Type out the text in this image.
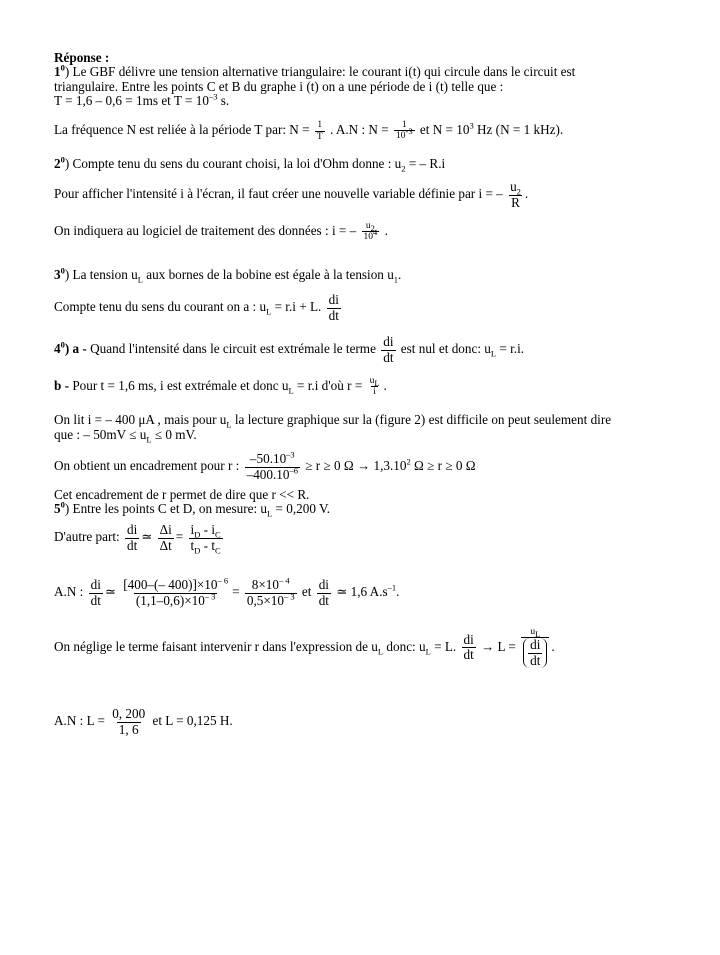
Réponse :
$1^0$) Le GBF délivre une tension alternative triangulaire: le courant i(t) qui circule dans le circuit est
triangulaire. Entre les points C et B du graphe i (t) on a une période de i (t) telle que :
T = 1,6 – 0,6 = 1ms et $T = 10^{-3}$ s.
La fréquence N est reliée à la période T par: $N = \frac{1}{T}$ . A.N : $N = \frac{1}{10^{-3}}$ et $N = 10^3$ Hz (N = 1 kHz).
$2^0$) Compte tenu du sens du courant choisi, la loi d'Ohm donne : $u_2$ = – R.i
Pour afficher l'intensité i à l'écran, il faut créer une nouvelle variable définie par i = – $\frac{u_2}{R}$ .
On indiquera au logiciel de traitement des données : i = – $\frac{u_2}{10^4}$ .
$3^0$) La tension $u_L$ aux bornes de la bobine est égale à la tension $u_1$.
Compte tenu du sens du courant on a : $u_L = r.i + L$. $\frac{di}{dt}$
$4^0$) a - Quand l'intensité dans le circuit est extrémale le terme $\frac{di}{dt}$ est nul et donc: $u_L = r.i$.
b - Pour t = 1,6 ms, i est extrémale et donc $u_L = r.i$ d'où $r = \frac{u_L}{i}$ .
On lit i = – 400 μA , mais pour $u_L$ la lecture graphique sur la (figure 2) est difficile on peut seulement dire
que : – $50mV \le u_L \le 0$ mV.
On obtient un encadrement pour r : $\frac{-50.10^{-3}}{-400.10^{-6}} \ge r \ge 0$ $\Omega \to 1,3.10^2$ Ω ≥ r ≥ 0 Ω
Cet encadrement de r permet de dire que r << R.
$5^0$) Entre les points C et D, on mesure: $u_L = 0,200$ V.
D'autre part: $\frac{di}{dt}$ ≃ $\frac{\Delta i}{\Delta t} = \frac{i_D - i_C}{t_D - t_C}$
A.N : $\frac{di}{dt}$ ≃ $\frac{[400-(- 400)]\times 10^{- 6}}{(1,1-0,6)\times 10^{- 3}} = \frac{8\times 10^{- 4}}{0,5\times 10^{- 3}}$ et $\frac{di}{dt}$ ≃ 1,6 $A.s^{-1}$.
On néglige le terme faisant intervenir r dans l'expression de $u_L$ donc: $u_L = L$. $\frac{di}{dt} \to L$ =
$u_L$
di
dt
.
A.N : $L = \frac{0, 200}{1, 6}$ et L = 0,125 H.
